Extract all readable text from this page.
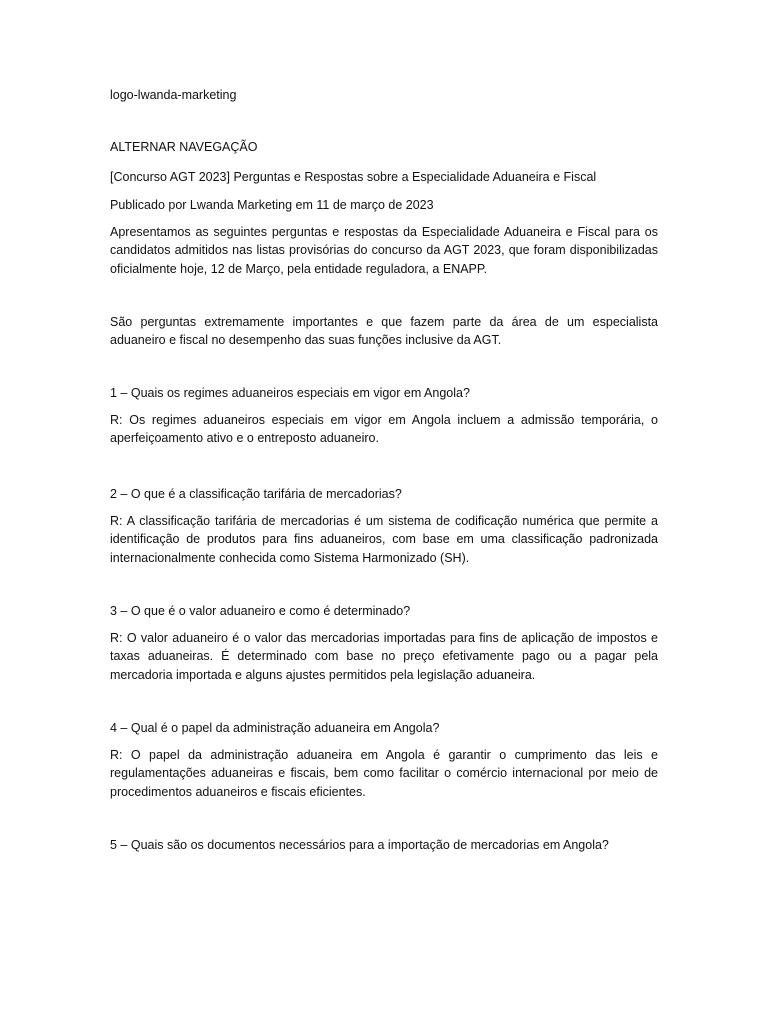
logo-lwanda-marketing

ALTERNAR NAVEGAÇÃO

[Concurso AGT 2023] Perguntas e Respostas sobre a Especialidade Aduaneira e Fiscal

Publicado por Lwanda Marketing em 11 de março de 2023

Apresentamos as seguintes perguntas e respostas da Especialidade Aduaneira e Fiscal para os candidatos admitidos nas listas provisórias do concurso da AGT 2023, que foram disponibilizadas oficialmente hoje, 12 de Março, pela entidade reguladora, a ENAPP.

São perguntas extremamente importantes e que fazem parte da área de um especialista aduaneiro e fiscal no desempenho das suas funções inclusive da AGT.

1 – Quais os regimes aduaneiros especiais em vigor em Angola?

R: Os regimes aduaneiros especiais em vigor em Angola incluem a admissão temporária, o aperfeiçoamento ativo e o entreposto aduaneiro.

2 – O que é a classificação tarifária de mercadorias?

R: A classificação tarifária de mercadorias é um sistema de codificação numérica que permite a identificação de produtos para fins aduaneiros, com base em uma classificação padronizada internacionalmente conhecida como Sistema Harmonizado (SH).

3 – O que é o valor aduaneiro e como é determinado?

R: O valor aduaneiro é o valor das mercadorias importadas para fins de aplicação de impostos e taxas aduaneiras. É determinado com base no preço efetivamente pago ou a pagar pela mercadoria importada e alguns ajustes permitidos pela legislação aduaneira.

4 – Qual é o papel da administração aduaneira em Angola?

R: O papel da administração aduaneira em Angola é garantir o cumprimento das leis e regulamentações aduaneiras e fiscais, bem como facilitar o comércio internacional por meio de procedimentos aduaneiros e fiscais eficientes.

5 – Quais são os documentos necessários para a importação de mercadorias em Angola?
